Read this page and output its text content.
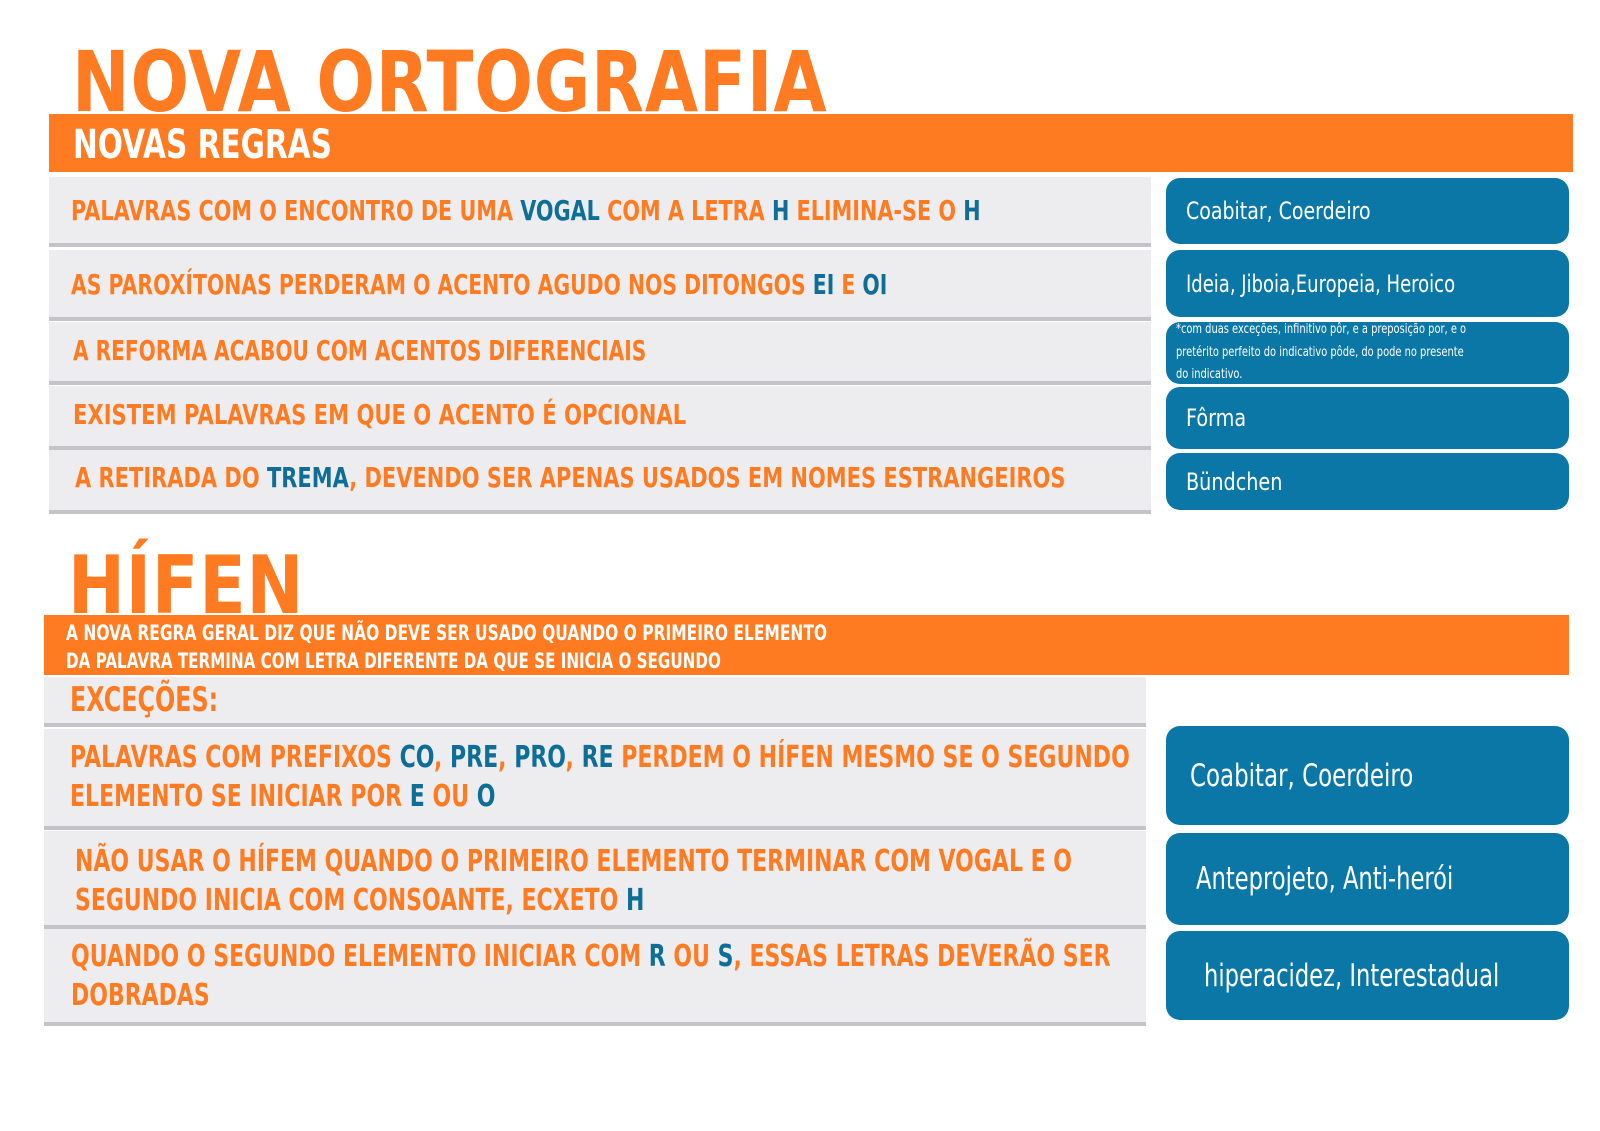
NOVA ORTOGRAFIA
NOVAS REGRAS
PALAVRAS COM O ENCONTRO DE UMA VOGAL COM A LETRA H ELIMINA-SE O H
AS PAROXÍTONAS PERDERAM O ACENTO AGUDO NOS DITONGOS EI E OI
A REFORMA ACABOU COM ACENTOS DIFERENCIAIS
EXISTEM PALAVRAS EM QUE O ACENTO É OPCIONAL
A RETIRADA DO TREMA, DEVENDO SER APENAS USADOS EM NOMES ESTRANGEIROS
Coabitar, Coerdeiro
Ideia, Jiboia,Europeia, Heroico
*com duas exceções, infinitivo pôr, e a preposição por, e o pretérito perfeito do indicativo pôde, do pode no presente do indicativo.
Fôrma
Bündchen
HÍFEN
A NOVA REGRA GERAL DIZ QUE NÃO DEVE SER USADO QUANDO O PRIMEIRO ELEMENTO
DA PALAVRA TERMINA COM LETRA DIFERENTE DA QUE SE INICIA O SEGUNDO
EXCEÇÕES:
PALAVRAS COM PREFIXOS CO, PRE, PRO, RE PERDEM O HÍFEN MESMO SE O SEGUNDO
ELEMENTO SE INICIAR POR E OU O
NÃO USAR O HÍFEM QUANDO O PRIMEIRO ELEMENTO TERMINAR COM VOGAL E O
SEGUNDO INICIA COM CONSOANTE, ECXETO H
QUANDO O SEGUNDO ELEMENTO INICIAR COM R OU S, ESSAS LETRAS DEVERÃO SER
DOBRADAS
Coabitar, Coerdeiro
Anteprojeto, Anti-herói
hiperacidez, Interestadual
